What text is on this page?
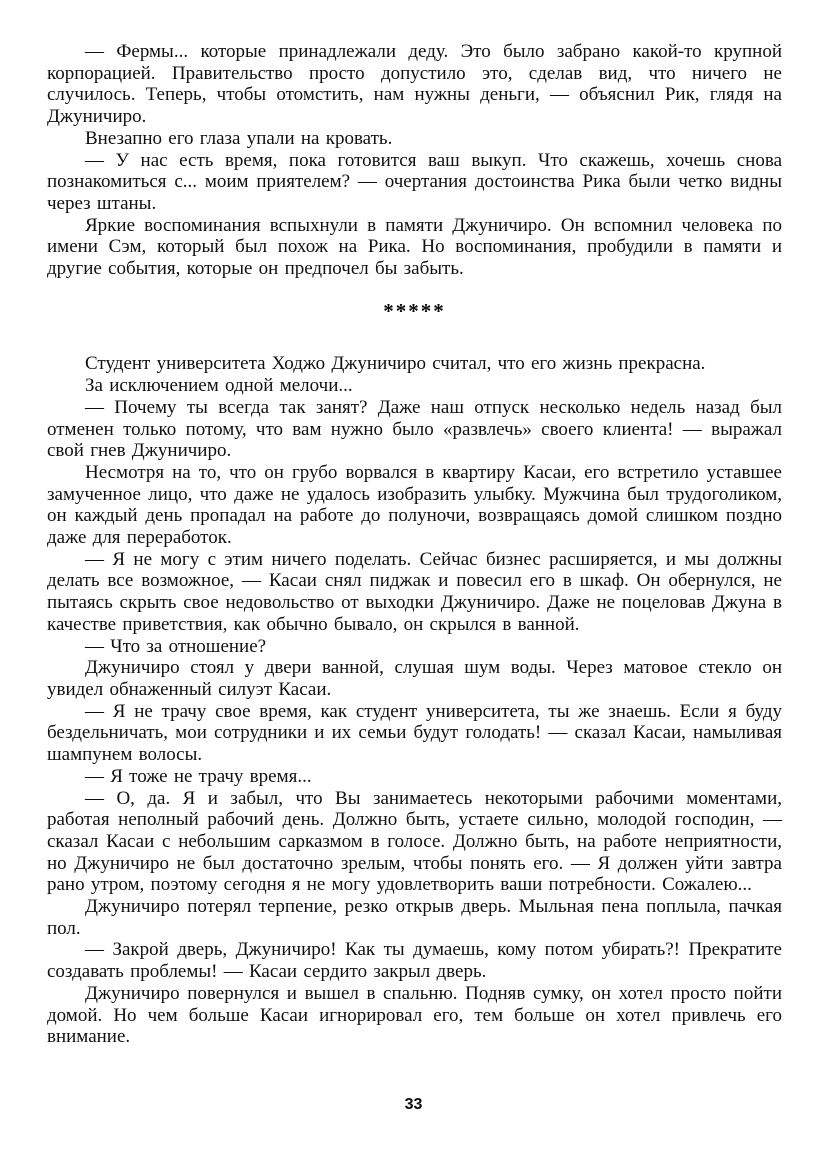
— Фермы... которые принадлежали деду. Это было забрано какой-то крупной корпорацией. Правительство просто допустило это, сделав вид, что ничего не случилось. Теперь, чтобы отомстить, нам нужны деньги, — объяснил Рик, глядя на Джуничиро.

Внезапно его глаза упали на кровать.

— У нас есть время, пока готовится ваш выкуп. Что скажешь, хочешь снова познакомиться с... моим приятелем? — очертания достоинства Рика были четко видны через штаны.

Яркие воспоминания вспыхнули в памяти Джуничиро. Он вспомнил человека по имени Сэм, который был похож на Рика. Но воспоминания, пробудили в памяти и другие события, которые он предпочел бы забыть.

*****

Студент университета Ходжо Джуничиро считал, что его жизнь прекрасна.

За исключением одной мелочи...

— Почему ты всегда так занят? Даже наш отпуск несколько недель назад был отменен только потому, что вам нужно было «развлечь» своего клиента! — выражал свой гнев Джуничиро.

Несмотря на то, что он грубо ворвался в квартиру Касаи, его встретило уставшее замученное лицо, что даже не удалось изобразить улыбку. Мужчина был трудоголиком, он каждый день пропадал на работе до полуночи, возвращаясь домой слишком поздно даже для переработок.

— Я не могу с этим ничего поделать. Сейчас бизнес расширяется, и мы должны делать все возможное, — Касаи снял пиджак и повесил его в шкаф. Он обернулся, не пытаясь скрыть свое недовольство от выходки Джуничиро. Даже не поцеловав Джуна в качестве приветствия, как обычно бывало, он скрылся в ванной.

— Что за отношение?

Джуничиро стоял у двери ванной, слушая шум воды. Через матовое стекло он увидел обнаженный силуэт Касаи.

— Я не трачу свое время, как студент университета, ты же знаешь. Если я буду бездельничать, мои сотрудники и их семьи будут голодать! — сказал Касаи, намыливая шампунем волосы.

— Я тоже не трачу время...

— О, да. Я и забыл, что Вы занимаетесь некоторыми рабочими моментами, работая неполный рабочий день. Должно быть, устаете сильно, молодой господин, — сказал Касаи с небольшим сарказмом в голосе. Должно быть, на работе неприятности, но Джуничиро не был достаточно зрелым, чтобы понять его. — Я должен уйти завтра рано утром, поэтому сегодня я не могу удовлетворить ваши потребности. Сожалею...

Джуничиро потерял терпение, резко открыв дверь. Мыльная пена поплыла, пачкая пол.

— Закрой дверь, Джуничиро! Как ты думаешь, кому потом убирать?! Прекратите создавать проблемы! — Касаи сердито закрыл дверь.

Джуничиро повернулся и вышел в спальню. Подняв сумку, он хотел просто пойти домой. Но чем больше Касаи игнорировал его, тем больше он хотел привлечь его внимание.

33
